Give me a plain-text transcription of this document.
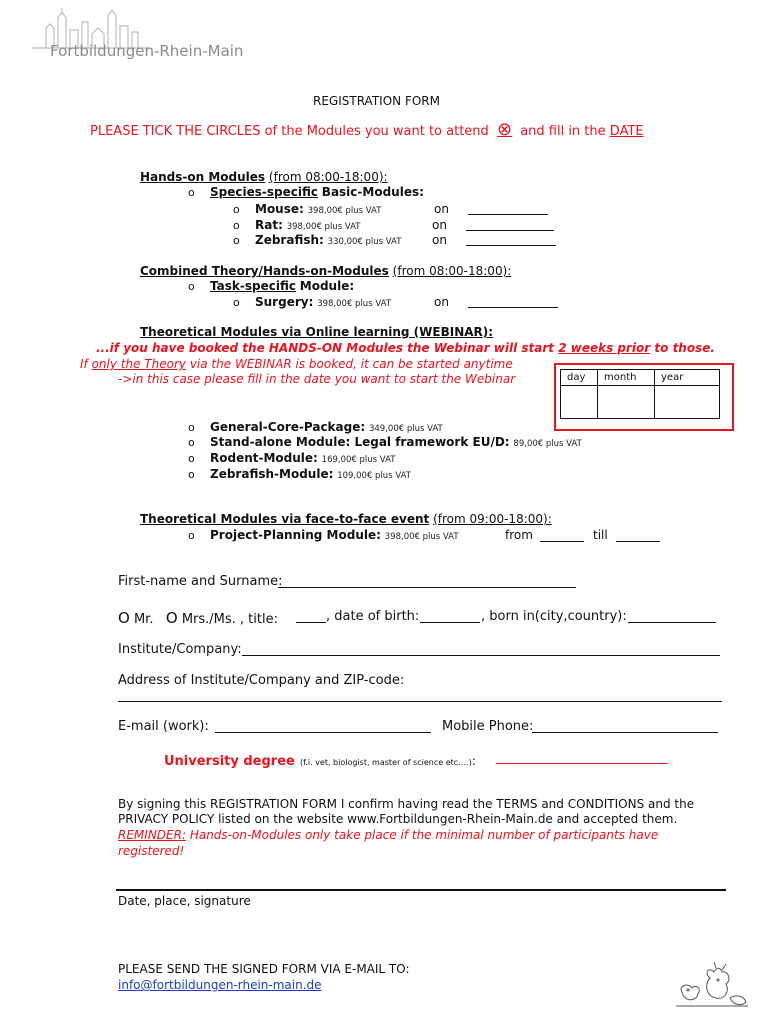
Fortbildungen-Rhein-Main
REGISTRATION FORM
PLEASE TICK THE CIRCLES of the Modules you want to attend ⊗ and fill in the DATE
Hands-on Modules (from 08:00-18:00):
o Species-specific Basic-Modules:
o Mouse: 398,00€ plus VAT	on
o Rat: 398,00€ plus VAT	on
o Zebrafish: 330,00€ plus VAT	on
Combined Theory/Hands-on-Modules (from 08:00-18:00):
o Task-specific Module:
o Surgery: 398,00€ plus VAT	on
Theoretical Modules via Online learning (WEBINAR):
...if you have booked the HANDS-ON Modules the Webinar will start 2 weeks prior to those.
If only the Theory via the WEBINAR is booked, it can be started anytime
->in this case please fill in the date you want to start the Webinar	day	month	year

o General-Core-Package: 349,00€ plus VAT
o Stand-alone Module: Legal framework EU/D: 89,00€ plus VAT
o Rodent-Module: 169,00€ plus VAT
o Zebrafish-Module: 109,00€ plus VAT
Theoretical Modules via face-to-face event (from 09:00-18:00):
o Project-Planning Module: 398,00€ plus VAT	from	till
First-name and Surname:
O Mr. O Mrs./Ms. , title:	, date of birth:	, born in(city,country):
Institute/Company:
Address of Institute/Company and ZIP-code:
E-mail (work):	Mobile Phone:
University degree (f.i. vet, biologist, master of science etc….):
By signing this REGISTRATION FORM I confirm having read the TERMS and CONDITIONS and the
PRIVACY POLICY listed on the website www.Fortbildungen-Rhein-Main.de and accepted them.
REMINDER: Hands-on-Modules only take place if the minimal number of participants have
registered!
Date, place, signature
PLEASE SEND THE SIGNED FORM VIA E-MAIL TO:
info@fortbildungen-rhein-main.de
